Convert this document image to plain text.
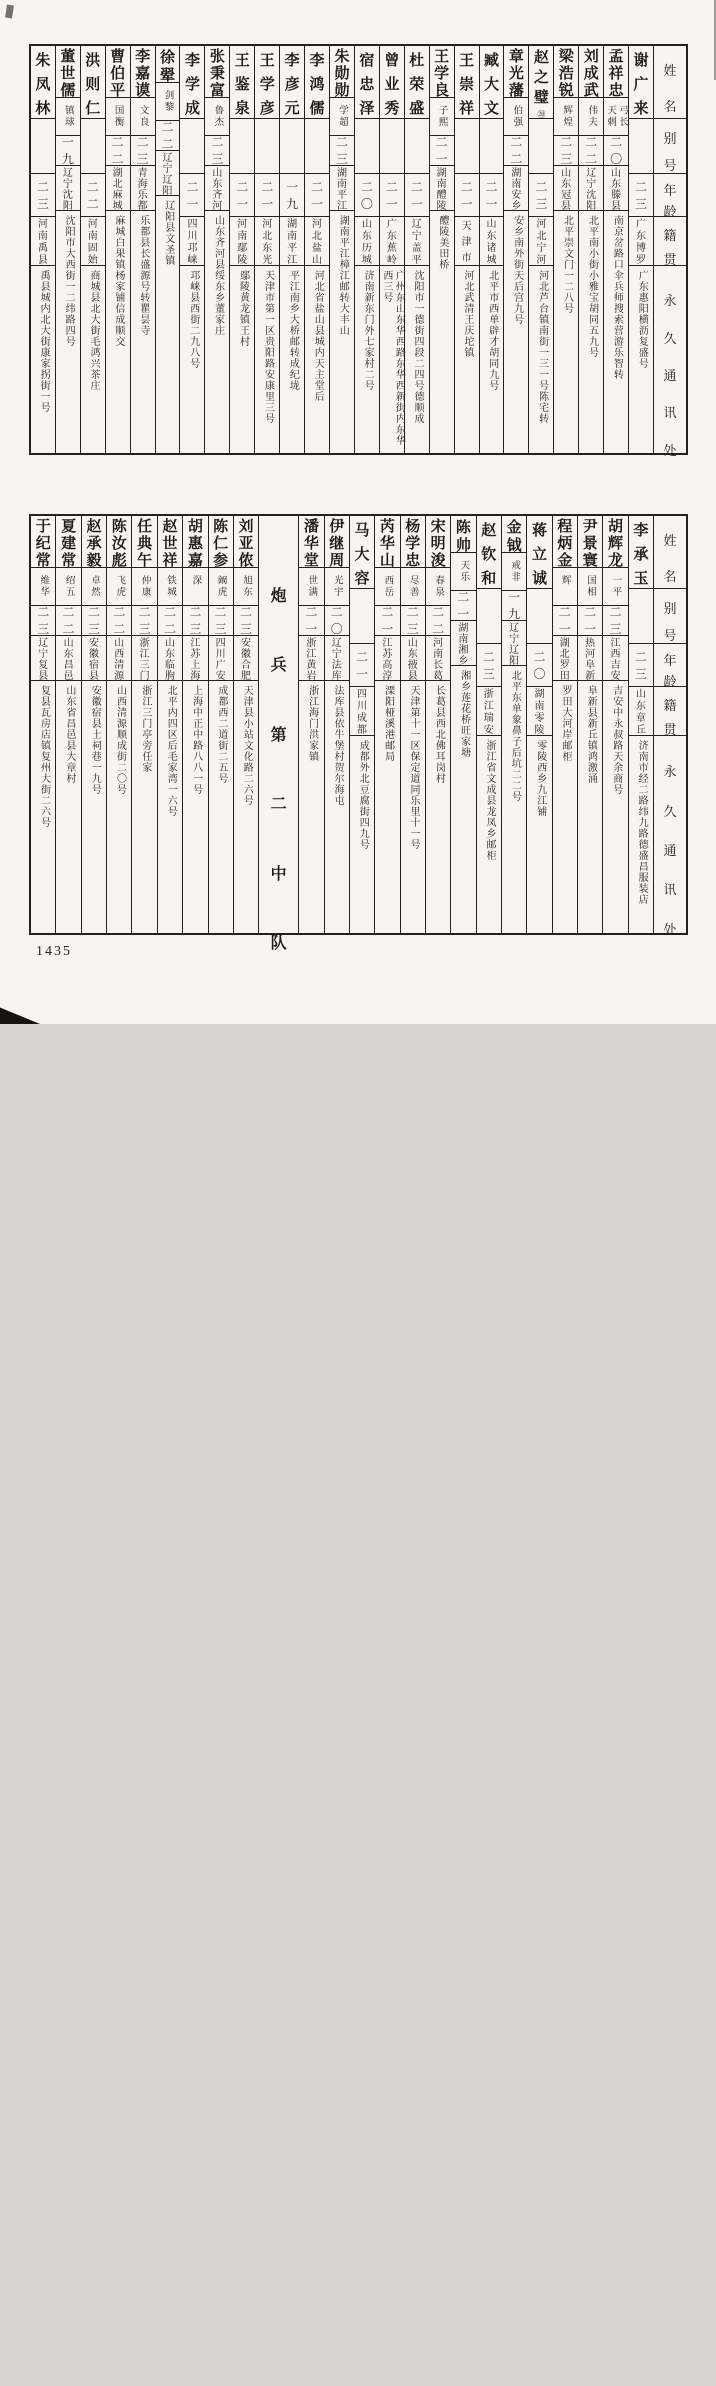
姓
名
别
号
年
龄
籍
贯
永
久
通
讯
处
谢
广
来
二
三
广
东
博
罗
广东惠阳横沥复盛号
孟
祥
忠
弓长天剌
二
〇
山
东
滕
县
南京岔路口伞兵师搜索营游乐智转
刘
成
武
伟夫
二
二
辽
宁
沈
阳
北平南小街小雅宝胡同五九号
梁
浩
锐
辉煌
二
三
山
东
冠
县
北平崇文门一二八号
赵
之
璧
⑳
二
三
河
北
宁
河
河北芦台镇南街一三一号陈宅转
章
光
藩
伯强
二
二
湖
南
安
乡
安乡南外街天后宫九号
臧
大
文
二
一
山
东
诸
城
北平市西单辟才胡同九号
王
崇
祥
二
一
天
津
市
河北武清王庆坨镇
王
学
良
子熙
二
一
湖
南
醴
陵
醴陵美田桥
杜
荣
盛
二
一
辽
宁
盖
平
沈阳市一德街四段二四号德顺成
曾
业
秀
二
一
广
东
蕉
岭
广州东山东华西路东华西新街内东华西三号
宿
忠
泽
二
〇
山
东
历
城
济南新东门外七家村二号
朱
勋
勋
学超
二
三
湖
南
平
江
湖南平江樟江邮转大丰山
李
鸿
儒
二
一
河
北
盐
山
河北省盐山县城内天主堂后
李
彦
元
一
九
湖
南
平
江
平江南乡大桥邮转成纪垅
王
学
彦
二
一
河
北
东
光
天津市第一区贵阳路安康里三号
王
鉴
泉
二
一
河
南
鄢
陵
鄢陵黄龙镇王村
张
秉
富
鲁杰
二
三
山
东
齐
河
山东齐河县绥东乡董家庄
李
学
成
二
一
四
川
邛
崃
邛崃县西街二九八号
徐
翚
剑黎
二
二
辽
宁
辽
阳
辽阳县文圣镇
李
嘉
谟
文良
二
三
青
海
乐
都
乐都县长盛源号转瞿昙寺
曹
伯
平
国衡
二
二
湖
北
麻
城
麻城白果镇杨家铺信成顺交
洪
则
仁
二
二
河
南
固
始
商城县北大街毛鸿兴茶庄
董
世
儒
镇球
一
九
辽
宁
沈
阳
沈阳市大西街一二纬路四号
朱
凤
林
二
三
河
南
禹
县
禹县城内北大街康家拐街一号
姓
名
别
号
年
龄
籍
贯
永
久
通
讯
处
李
承
玉
二
三
山
东
章
丘
济南市经二路纬九路德盛昌服装店
胡
辉
龙
一平
二
三
江
西
吉
安
吉安中永叔路天余商号
尹
景
寰
国相
二
一
热
河
阜
新
阜新县新丘镇鸿激涌
程
炳
金
辉
二
一
湖
北
罗
田
罗田大河岸邮柜
蒋
立
诚
二
〇
湖
南
零
陵
零陵西乡九江铺
金
钺
戒非
一
九
辽
宁
辽
阳
北平东单象鼻子后坑二二号
赵
钦
和
二
三
浙
江
瑞
安
浙江省文成县龙凤乡邮柜
陈
帅
天乐
二
一
湖
南
湘
乡
湘乡莲花桥旺家塘
宋
明
浚
春泉
二
二
河
南
长
葛
长葛县西北佛耳岗村
杨
学
忠
尽善
二
三
山
东
掖
县
天津第十一区保定道同乐里十一号
芮
华
山
西岳
二
一
江
苏
高
淳
溧阳桠溪港邮局
马
大
容
二
一
四
川
成
都
成都外北豆腐街四九号
伊
继
周
光宇
二
〇
辽
宁
法
库
法库县依牛堡村贺尔海屯
潘
华
堂
世满
二
一
浙
江
黄
岩
浙江海门洪家镇
炮
兵
第
二
中
队
刘
亚
侬
旭东
二
三
安
徽
合
肥
天津县小站文化路二六号
陈
仁
参
阚虎
二
三
四
川
广
安
成都西二道街二五号
胡
惠
嘉
深
二
三
江
苏
上
海
上海中正中路八八一号
赵
世
祥
铁城
二
二
山
东
临
朐
北平内四区后毛家湾一六号
任
典
午
仲康
二
三
浙
江
三
门
浙江三门亭旁任家
陈
汝
彪
飞虎
二
二
山
西
清
源
山西清源顺成街二〇号
赵
承
毅
卓然
二
三
安
徽
宿
县
安徽宿县土祠巷一九号
夏
建
常
绍五
二
二
山
东
昌
邑
山东省昌邑县大章村
于
纪
常
维华
二
三
辽
宁
复
县
复县瓦房店镇复州大街二六号
1435
